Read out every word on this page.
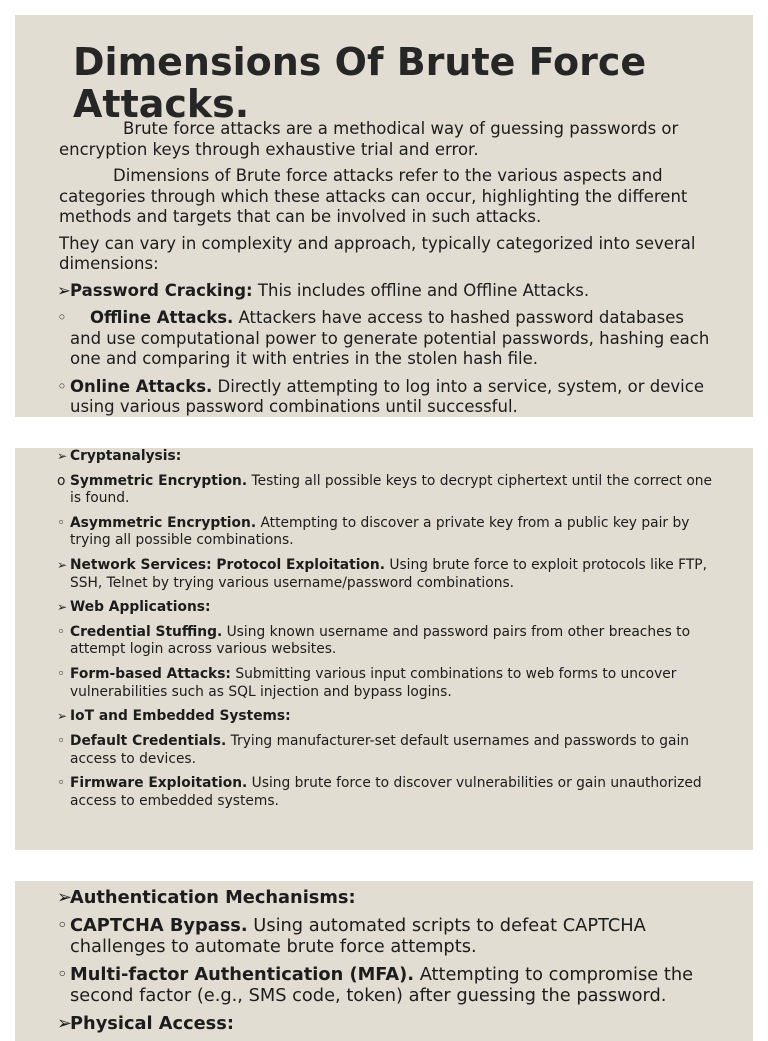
Dimensions Of Brute Force
Attacks.

Brute force attacks are a methodical way of guessing passwords or encryption keys through exhaustive trial and error.

Dimensions of Brute force attacks refer to the various aspects and categories through which these attacks can occur, highlighting the different methods and targets that can be involved in such attacks.

They can vary in complexity and approach, typically categorized into several dimensions:

➢ Password Cracking: This includes offline and Offline Attacks.
◦ Offline Attacks. Attackers have access to hashed password databases and use computational power to generate potential passwords, hashing each one and comparing it with entries in the stolen hash file.
◦ Online Attacks. Directly attempting to log into a service, system, or device using various password combinations until successful.
➢ Cryptanalysis:
o Symmetric Encryption. Testing all possible keys to decrypt ciphertext until the correct one is found.
◦ Asymmetric Encryption. Attempting to discover a private key from a public key pair by trying all possible combinations.
➢ Network Services: Protocol Exploitation. Using brute force to exploit protocols like FTP, SSH, Telnet by trying various username/password combinations.
➢ Web Applications:
◦ Credential Stuffing. Using known username and password pairs from other breaches to attempt login across various websites.
◦ Form-based Attacks: Submitting various input combinations to web forms to uncover vulnerabilities such as SQL injection and bypass logins.
➢ IoT and Embedded Systems:
◦ Default Credentials. Trying manufacturer-set default usernames and passwords to gain access to devices.
◦ Firmware Exploitation. Using brute force to discover vulnerabilities or gain unauthorized access to embedded systems.
➢
Authentication Mechanisms:
◦ CAPTCHA Bypass. Using automated scripts to defeat CAPTCHA challenges to automate brute force attempts.
◦ Multi-factor Authentication (MFA). Attempting to compromise the second factor (e.g., SMS code, token) after guessing the password.
➢
Physical Access:
